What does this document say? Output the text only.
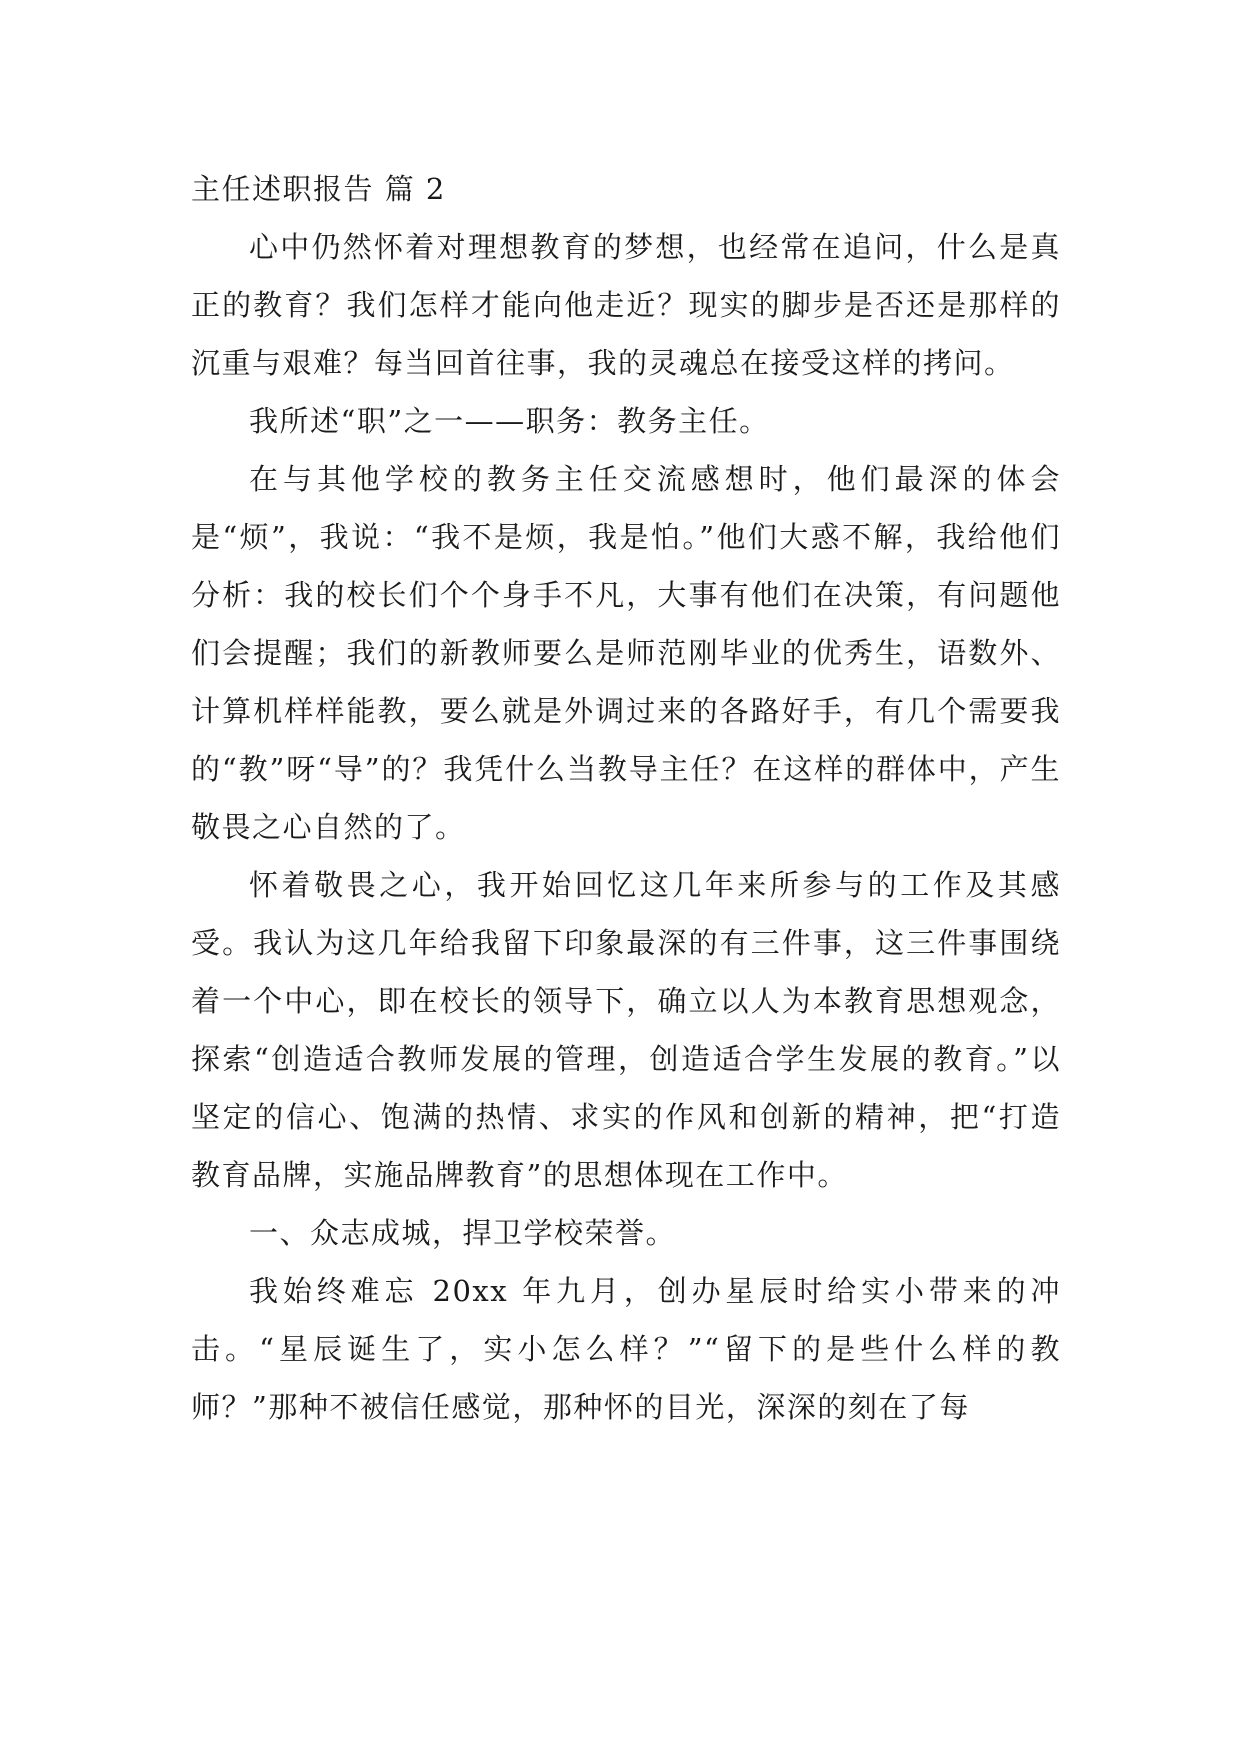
主任述职报告 篇 2

心中仍然怀着对理想教育的梦想，也经常在追问，什么是真正的教育？我们怎样才能向他走近？现实的脚步是否还是那样的沉重与艰难？每当回首往事，我的灵魂总在接受这样的拷问。

我所述“职”之一——职务：教务主任。

在与其他学校的教务主任交流感想时，他们最深的体会是“烦”，我说：“我不是烦，我是怕。”他们大惑不解，我给他们分析：我的校长们个个身手不凡，大事有他们在决策，有问题他们会提醒；我们的新教师要么是师范刚毕业的优秀生，语数外、计算机样样能教，要么就是外调过来的各路好手，有几个需要我的“教”呀“导”的？我凭什么当教导主任？在这样的群体中，产生敬畏之心自然的了。

怀着敬畏之心，我开始回忆这几年来所参与的工作及其感受。我认为这几年给我留下印象最深的有三件事，这三件事围绕着一个中心，即在校长的领导下，确立以人为本教育思想观念，探索“创造适合教师发展的管理，创造适合学生发展的教育。”以坚定的信心、饱满的热情、求实的作风和创新的精神，把“打造教育品牌，实施品牌教育”的思想体现在工作中。

一、众志成城，捍卫学校荣誉。

我始终难忘 20xx 年九月，创办星辰时给实小带来的冲击。“星辰诞生了，实小怎么样？”“留下的是些什么样的教师？”那种不被信任感觉，那种怀的目光，深深的刻在了每
